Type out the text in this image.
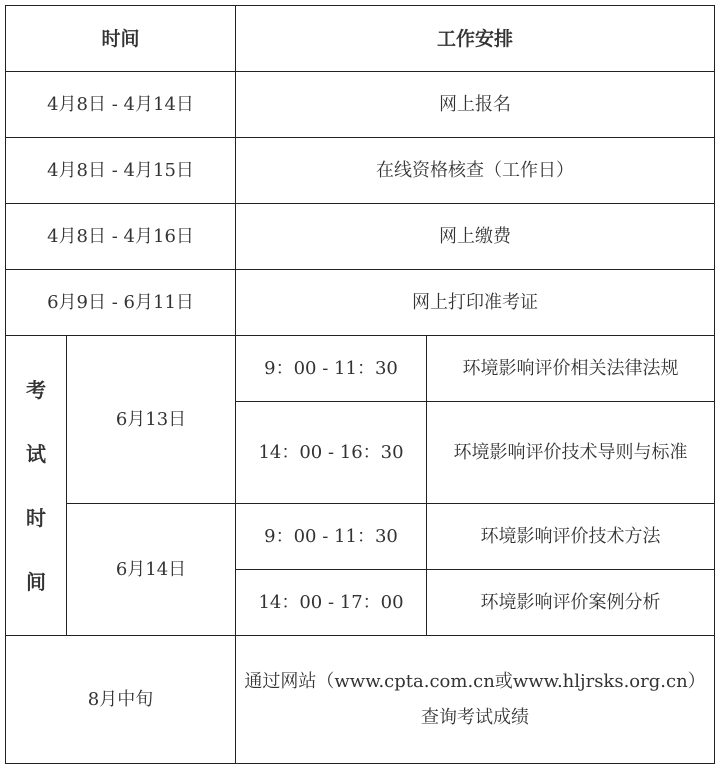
时间		工作安排	
4月8日 - 4月14日		网上报名	
4月8日 - 4月15日		在线资格核查（工作日）	
4月8日 - 4月16日		网上缴费	
6月9日 - 6月11日		网上打印准考证	

考
试
时
间	6月13日	9：00 - 11：30	环境影响评价相关法律法规
		14：00 - 16：30	环境影响评价技术导则与标准
	6月14日	9：00 - 11：30	环境影响评价技术方法
		14：00 - 17：00	环境影响评价案例分析
8月中旬		通过网站（www.cpta.com.cn或www.hljrsks.org.cn）查询考试成绩	
